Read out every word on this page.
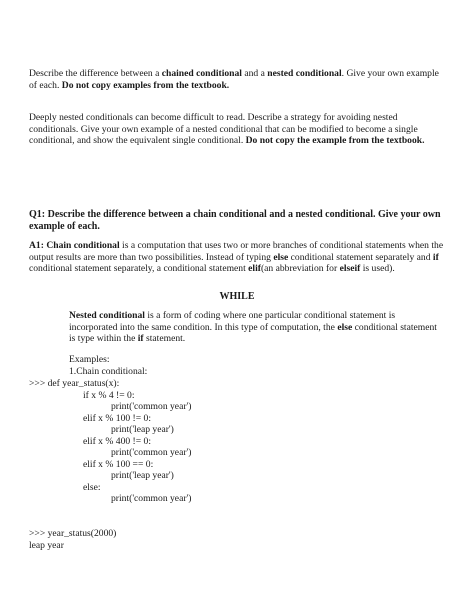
Describe the difference between a chained conditional and a nested conditional. Give your own example of each. Do not copy examples from the textbook.

Deeply nested conditionals can become difficult to read. Describe a strategy for avoiding nested conditionals. Give your own example of a nested conditional that can be modified to become a single conditional, and show the equivalent single conditional. Do not copy the example from the textbook.

Q1: Describe the difference between a chain conditional and a nested conditional. Give your own example of each.

A1: Chain conditional is a computation that uses two or more branches of conditional statements when the output results are more than two possibilities. Instead of typing else conditional statement separately and if conditional statement separately, a conditional statement elif(an abbreviation for elseif is used).

WHILE

Nested conditional is a form of coding where one particular conditional statement is incorporated into the same condition. In this type of computation, the else conditional statement is type within the if statement.

Examples:

1.Chain conditional:

>>> def year_status(x):

if x % 4 != 0:

print('common year')

elif x % 100 != 0:

print('leap year')

elif x % 400 != 0:

print('common year')

elif x % 100 == 0:

print('leap year')

else:

print('common year')

>>> year_status(2000)

leap year
